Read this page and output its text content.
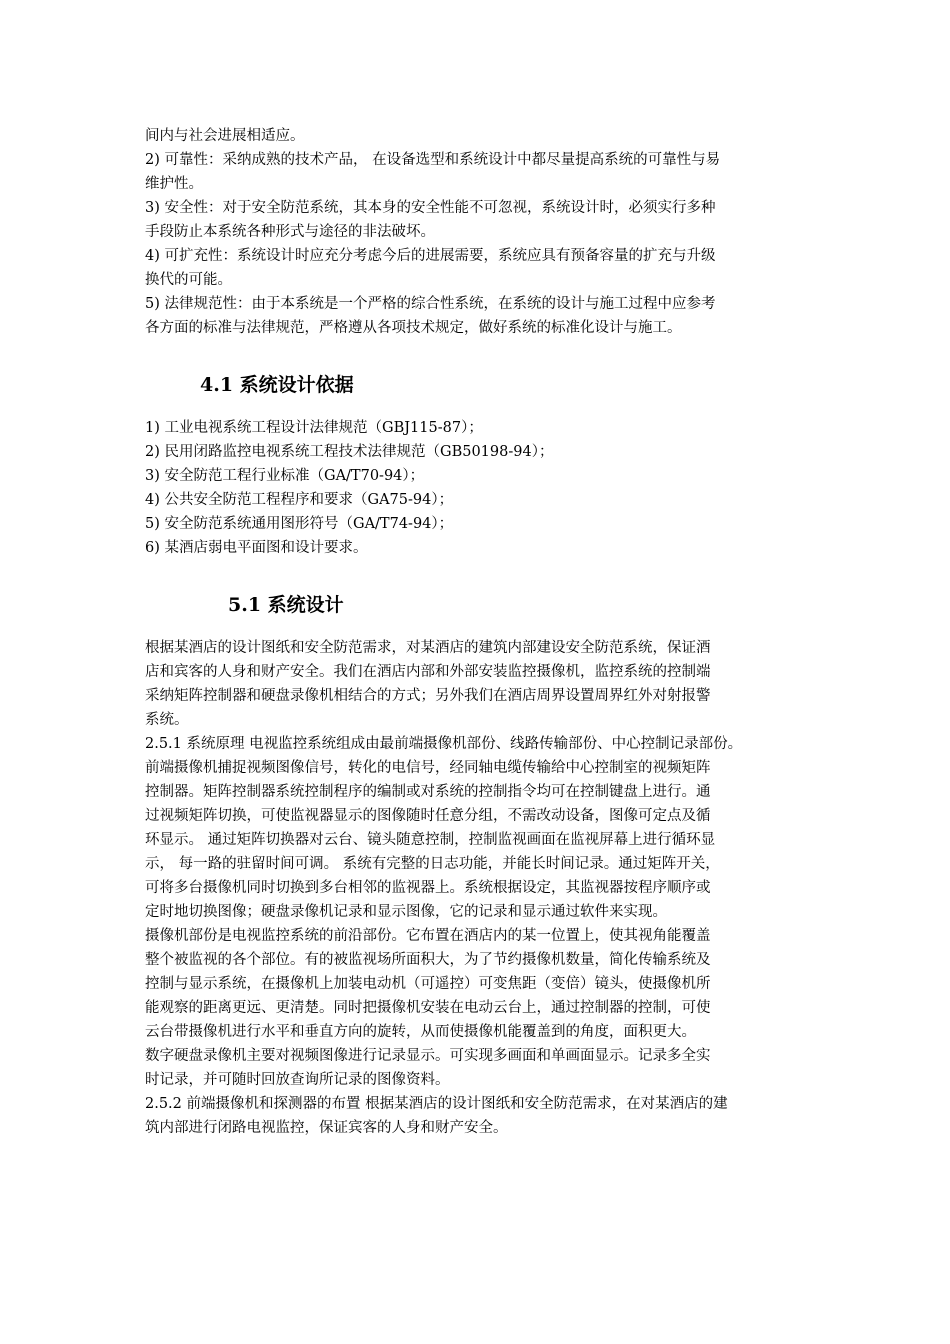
间内与社会进展相适应。

2) 可靠性：采纳成熟的技术产品， 在设备选型和系统设计中都尽量提高系统的可靠性与易

维护性。

3) 安全性：对于安全防范系统，其本身的安全性能不可忽视，系统设计时，必须实行多种

手段防止本系统各种形式与途径的非法破坏。

4) 可扩充性：系统设计时应充分考虑今后的进展需要，系统应具有预备容量的扩充与升级

换代的可能。

5) 法律规范性：由于本系统是一个严格的综合性系统，在系统的设计与施工过程中应参考

各方面的标准与法律规范，严格遵从各项技术规定，做好系统的标准化设计与施工。

4.1 系统设计依据

1) 工业电视系统工程设计法律规范（GBJ115-87）；

2) 民用闭路监控电视系统工程技术法律规范（GB50198-94）；

3) 安全防范工程行业标准（GA/T70-94）；

4) 公共安全防范工程程序和要求（GA75-94）；

5) 安全防范系统通用图形符号（GA/T74-94）；

6) 某酒店弱电平面图和设计要求。

5.1 系统设计

根据某酒店的设计图纸和安全防范需求，对某酒店的建筑内部建设安全防范系统，保证酒

店和宾客的人身和财产安全。我们在酒店内部和外部安装监控摄像机，监控系统的控制端

采纳矩阵控制器和硬盘录像机相结合的方式；另外我们在酒店周界设置周界红外对射报警

系统。

2.5.1 系统原理 电视监控系统组成由最前端摄像机部份、线路传输部份、中心控制记录部份。

前端摄像机捕捉视频图像信号，转化的电信号，经同轴电缆传输给中心控制室的视频矩阵

控制器。矩阵控制器系统控制程序的编制或对系统的控制指令均可在控制键盘上进行。通

过视频矩阵切换，可使监视器显示的图像随时任意分组，不需改动设备，图像可定点及循

环显示。 通过矩阵切换器对云台、镜头随意控制，控制监视画面在监视屏幕上进行循环显

示， 每一路的驻留时间可调。 系统有完整的日志功能，并能长时间记录。通过矩阵开关，

可将多台摄像机同时切换到多台相邻的监视器上。系统根据设定，其监视器按程序顺序或

定时地切换图像；硬盘录像机记录和显示图像，它的记录和显示通过软件来实现。

摄像机部份是电视监控系统的前沿部份。它布置在酒店内的某一位置上，使其视角能覆盖

整个被监视的各个部位。有的被监视场所面积大，为了节约摄像机数量，简化传输系统及

控制与显示系统，在摄像机上加装电动机（可遥控）可变焦距（变倍）镜头，使摄像机所

能观察的距离更远、更清楚。同时把摄像机安装在电动云台上，通过控制器的控制，可使

云台带摄像机进行水平和垂直方向的旋转，从而使摄像机能覆盖到的角度，面积更大。

数字硬盘录像机主要对视频图像进行记录显示。可实现多画面和单画面显示。记录多全实

时记录，并可随时回放查询所记录的图像资料。

2.5.2 前端摄像机和探测器的布置 根据某酒店的设计图纸和安全防范需求，在对某酒店的建

筑内部进行闭路电视监控，保证宾客的人身和财产安全。
